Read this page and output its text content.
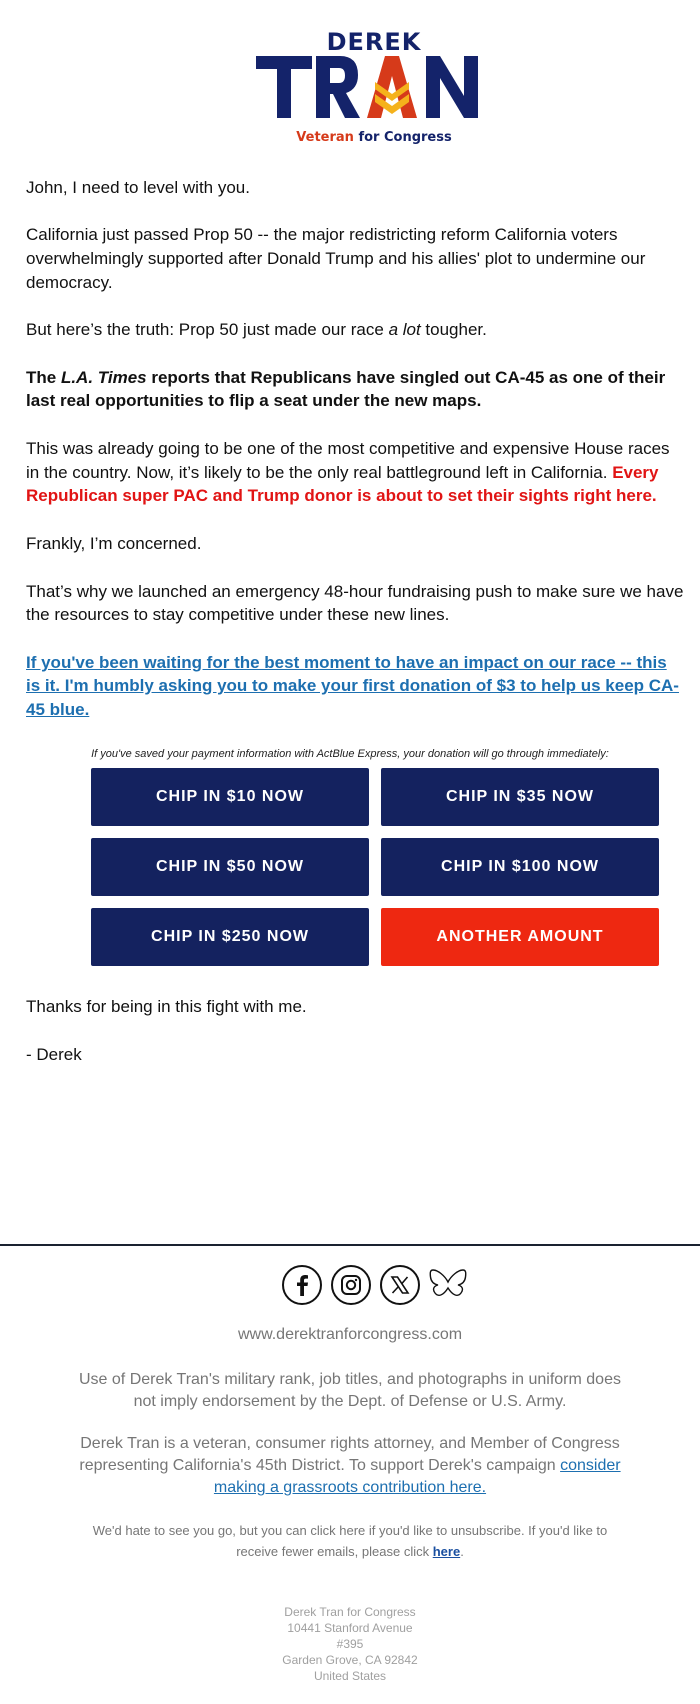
DEREK
Veteran for Congress

John, I need to level with you.

California just passed Prop 50 -- the major redistricting reform California voters

overwhelmingly supported after Donald Trump and his allies' plot to undermine our

democracy.

But here’s the truth: Prop 50 just made our race a lot tougher.

The L.A. Times reports that Republicans have singled out CA-45 as one of their

last real opportunities to flip a seat under the new maps.

This was already going to be one of the most competitive and expensive House races

in the country. Now, it’s likely to be the only real battleground left in California. Every

Republican super PAC and Trump donor is about to set their sights right here.

Frankly, I’m concerned.

That’s why we launched an emergency 48-hour fundraising push to make sure we have

the resources to stay competitive under these new lines.

If you've been waiting for the best moment to have an impact on our race -- this

is it. I'm humbly asking you to make your first donation of $3 to help us keep CA-

45 blue.

Thanks for being in this fight with me.

- Derek

If you've saved your payment information with ActBlue Express, your donation will go through immediately:
CHIP IN $10 NOW	CHIP IN $35 NOW
CHIP IN $50 NOW	CHIP IN $100 NOW
CHIP IN $250 NOW	ANOTHER AMOUNT
www.derektranforcongress.com
Use of Derek Tran's military rank, job titles, and photographs in uniform does
not imply endorsement by the Dept. of Defense or U.S. Army.
Derek Tran is a veteran, consumer rights attorney, and Member of Congress
representing California's 45th District. To support Derek's campaign consider
making a grassroots contribution here.
We'd hate to see you go, but you can click here if you'd like to unsubscribe. If you'd like to
receive fewer emails, please click here.
Derek Tran for Congress
10441 Stanford Avenue
#395
Garden Grove, CA 92842
United States
